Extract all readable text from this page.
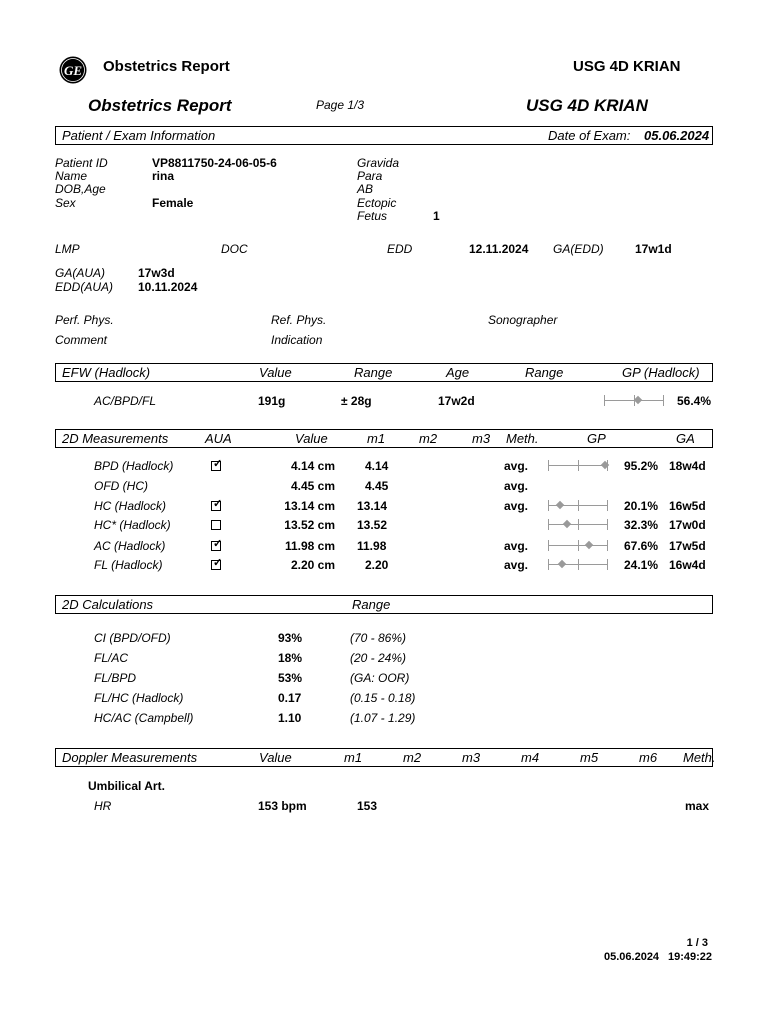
GE Obstetrics Report	USG 4D KRIAN
Obstetrics Report	Page 1/3	USG 4D KRIAN
Patient / Exam Information	Date of Exam: 05.06.2024
Patient ID	VP8811750-24-06-05-6
Name	rina
DOB,Age
Sex	Female
Gravida
Para
AB
Ectopic
Fetus	1
LMP	DOC	EDD	12.11.2024 GA(EDD)	17w1d
GA(AUA)	17w3d
EDD(AUA) 10.11.2024
Perf. Phys.	Ref. Phys.	Sonographer
Comment	Indication
EFW (Hadlock)	Value	Range	Age	Range	GP (Hadlock)
AC/BPD/FL	191g	± 28g	17w2d	56.4%
2D Measurements	AUA	Value	m1	m2	m3 Meth.	GP	GA
BPD (Hadlock)	✓	4.14 cm	4.14	avg.	95.2% 18w4d
OFD (HC)	4.45 cm	4.45	avg.
HC (Hadlock)	✓	13.14 cm 13.14	avg.	20.1% 16w5d
HC* (Hadlock)	13.52 cm 13.52	32.3% 17w0d
AC (Hadlock)	✓	11.98 cm 11.98	avg.	67.6% 17w5d
FL (Hadlock)	✓	2.20 cm	2.20	avg.	24.1% 16w4d
2D Calculations	Range
CI (BPD/OFD)	93%	(70 - 86%)
FL/AC	18%	(20 - 24%)
FL/BPD	53%	(GA: OOR)
FL/HC (Hadlock)	0.17	(0.15 - 0.18)
HC/AC (Campbell)	1.10	(1.07 - 1.29)
Doppler Measurements	Value	m1	m2	m3	m4	m5	m6 Meth.
Umbilical Art.
HR	153 bpm	153	max
1 / 3
05.06.2024 19:49:22
